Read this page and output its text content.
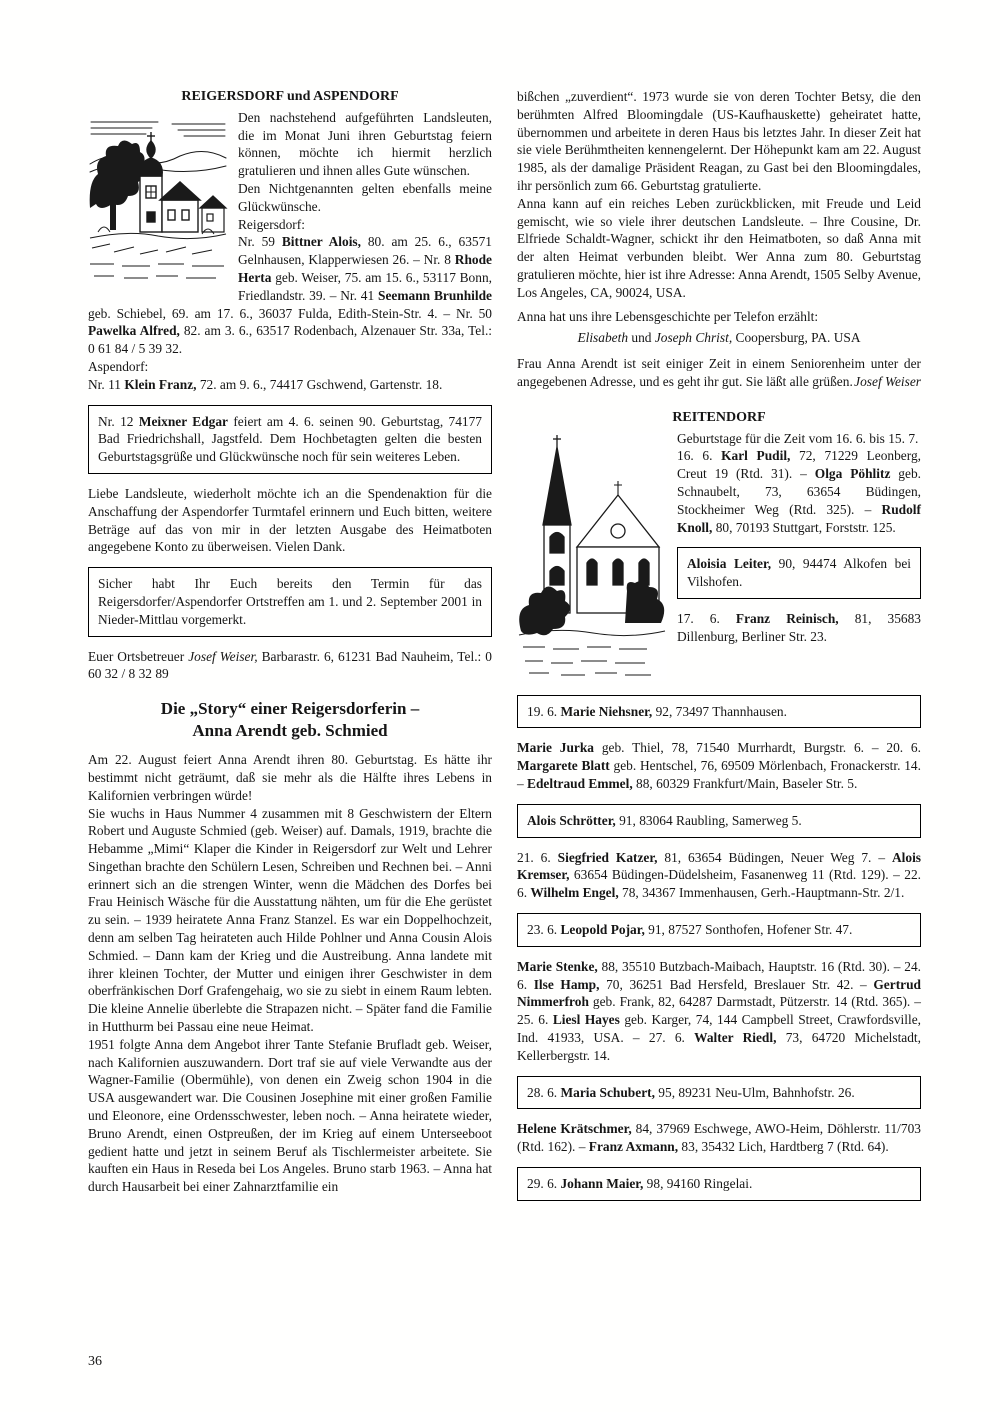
REIGERSDORF und ASPENDORF

Den nachstehend aufgeführten Landsleuten, die im Monat Juni ihren Geburtstag feiern können, möchte ich hiermit herzlich gratulieren und ihnen alles Gute wünschen.

Den Nichtgenannten gelten ebenfalls meine Glückwünsche.

Reigersdorf:

Nr. 59 Bittner Alois, 80. am 25. 6., 63571 Gelnhausen, Klapperwiesen 26. – Nr. 8 Rhode Herta geb. Weiser, 75. am 15. 6., 53117 Bonn, Friedlandstr. 39. – Nr. 41 Seemann Brunhilde geb. Schiebel, 69. am 17. 6., 36037 Fulda, Edith-Stein-Str. 4. – Nr. 50 Pawelka Alfred, 82. am 3. 6., 63517 Rodenbach, Alzenauer Str. 33a, Tel.: 0 61 84 / 5 39 32.

Aspendorf:

Nr. 11 Klein Franz, 72. am 9. 6., 74417 Gschwend, Gartenstr. 18.

Nr. 12 Meixner Edgar feiert am 4. 6. seinen 90. Geburtstag, 74177 Bad Friedrichshall, Jagstfeld. Dem Hochbetagten gelten die besten Geburtstagsgrüße und Glückwünsche noch für sein weiteres Leben.

Liebe Landsleute, wiederholt möchte ich an die Spendenaktion für die Anschaffung der Aspendorfer Turmtafel erinnern und Euch bitten, weitere Beträge auf das von mir in der letzten Ausgabe des Heimatboten angegebene Konto zu überweisen. Vielen Dank.

Sicher habt Ihr Euch bereits den Termin für das Reigersdorfer/Aspendorfer Ortstreffen am 1. und 2. September 2001 in Nieder-Mittlau vorgemerkt.

Euer Ortsbetreuer Josef Weiser, Barbarastr. 6, 61231 Bad Nauheim, Tel.: 0 60 32 / 8 32 89

Die „Story“ einer Reigersdorferin –
Anna Arendt geb. Schmied

Am 22. August feiert Anna Arendt ihren 80. Geburtstag. Es hätte ihr bestimmt nicht geträumt, daß sie mehr als die Hälfte ihres Lebens in Kalifornien verbringen würde!

Sie wuchs in Haus Nummer 4 zusammen mit 8 Geschwistern der Eltern Robert und Auguste Schmied (geb. Weiser) auf. Damals, 1919, brachte die Hebamme „Mimi“ Klaper die Kinder in Reigersdorf zur Welt und Lehrer Singethan brachte den Schülern Lesen, Schreiben und Rechnen bei. – Anni erinnert sich an die strengen Winter, wenn die Mädchen des Dorfes bei Frau Heinisch Wäsche für die Ausstattung nähten, um für die Ehe gerüstet zu sein. – 1939 heiratete Anna Franz Stanzel. Es war ein Doppelhochzeit, denn am selben Tag heirateten auch Hilde Pohlner und Anna Cousin Alois Schmied. – Dann kam der Krieg und die Austreibung. Anna landete mit ihrer kleinen Tochter, der Mutter und einigen ihrer Geschwister in dem oberfränkischen Dorf Grafengehaig, wo sie zu siebt in einem Raum lebten. Die kleine Annelie überlebte die Strapazen nicht. – Später fand die Familie in Hutthurm bei Passau eine neue Heimat.

1951 folgte Anna dem Angebot ihrer Tante Stefanie Brufladt geb. Weiser, nach Kalifornien auszuwandern. Dort traf sie auf viele Verwandte aus der Wagner-Familie (Obermühle), von denen ein Zweig schon 1904 in die USA ausgewandert war. Die Cousinen Josephine mit einer großen Familie und Eleonore, eine Ordensschwester, leben noch. – Anna heiratete wieder, Bruno Arendt, einen Ostpreußen, der im Krieg auf einem Unterseeboot gedient hatte und jetzt in seinem Beruf als Tischlermeister arbeitete. Sie kauften ein Haus in Reseda bei Los Angeles. Bruno starb 1963. – Anna hat durch Hausarbeit bei einer Zahnarztfamilie ein

bißchen „zuverdient“. 1973 wurde sie von deren Tochter Betsy, die den berühmten Alfred Bloomingdale (US-Kaufhauskette) geheiratet hatte, übernommen und arbeitete in deren Haus bis letztes Jahr. In dieser Zeit hat sie viele Berühmtheiten kennengelernt. Der Höhepunkt kam am 22. August 1985, als der damalige Präsident Reagan, zu Gast bei den Bloomingdales, ihr persönlich zum 66. Geburtstag gratulierte.

Anna kann auf ein reiches Leben zurückblicken, mit Freude und Leid gemischt, wie so viele ihrer deutschen Landsleute. – Ihre Cousine, Dr. Elfriede Schaldt-Wagner, schickt ihr den Heimatboten, so daß Anna mit der alten Heimat verbunden bleibt. Wer Anna zum 80. Geburtstag gratulieren möchte, hier ist ihre Adresse: Anna Arendt, 1505 Selby Avenue, Los Angeles, CA, 90024, USA.

Anna hat uns ihre Lebensgeschichte per Telefon erzählt:

Elisabeth und Joseph Christ, Coopersburg, PA. USA

Frau Anna Arendt ist seit einiger Zeit in einem Seniorenheim unter der angegebenen Adresse, und es geht ihr gut. Sie läßt alle grüßen. Josef Weiser

REITENDORF

Geburtstage für die Zeit vom 16. 6. bis 15. 7.

16. 6. Karl Pudil, 72, 71229 Leonberg, Creut 19 (Rtd. 31). – Olga Pöhlitz geb. Schnaubelt, 73, 63654 Büdingen, Stockheimer Weg (Rtd. 325). – Rudolf Knoll, 80, 70193 Stuttgart, Forststr. 125.

Aloisia Leiter, 90, 94474 Alkofen bei Vilshofen.

17. 6. Franz Reinisch, 81, 35683 Dillenburg, Berliner Str. 23.

19. 6. Marie Niehsner, 92, 73497 Thannhausen.

Marie Jurka geb. Thiel, 78, 71540 Murrhardt, Burgstr. 6. – 20. 6. Margarete Blatt geb. Hentschel, 76, 69509 Mörlenbach, Fronackerstr. 14. – Edeltraud Emmel, 88, 60329 Frankfurt/Main, Baseler Str. 5.

Alois Schrötter, 91, 83064 Raubling, Samerweg 5.

21. 6. Siegfried Katzer, 81, 63654 Büdingen, Neuer Weg 7. – Alois Kremser, 63654 Büdingen-Düdelsheim, Fasanenweg 11 (Rtd. 129). – 22. 6. Wilhelm Engel, 78, 34367 Immenhausen, Gerh.-Hauptmann-Str. 2/1.

23. 6. Leopold Pojar, 91, 87527 Sonthofen, Hofener Str. 47.

Marie Stenke, 88, 35510 Butzbach-Maibach, Hauptstr. 16 (Rtd. 30). – 24. 6. Ilse Hamp, 70, 36251 Bad Hersfeld, Breslauer Str. 42. – Gertrud Nimmerfroh geb. Frank, 82, 64287 Darmstadt, Pützerstr. 14 (Rtd. 365). – 25. 6. Liesl Hayes geb. Karger, 74, 144 Campbell Street, Crawfordsville, Ind. 41933, USA. – 27. 6. Walter Riedl, 73, 64720 Michelstadt, Kellerbergstr. 14.

28. 6. Maria Schubert, 95, 89231 Neu-Ulm, Bahnhofstr. 26.

Helene Krätschmer, 84, 37969 Eschwege, AWO-Heim, Döhlerstr. 11/703 (Rtd. 162). – Franz Axmann, 83, 35432 Lich, Hardtberg 7 (Rtd. 64).

29. 6. Johann Maier, 98, 94160 Ringelai.

36
